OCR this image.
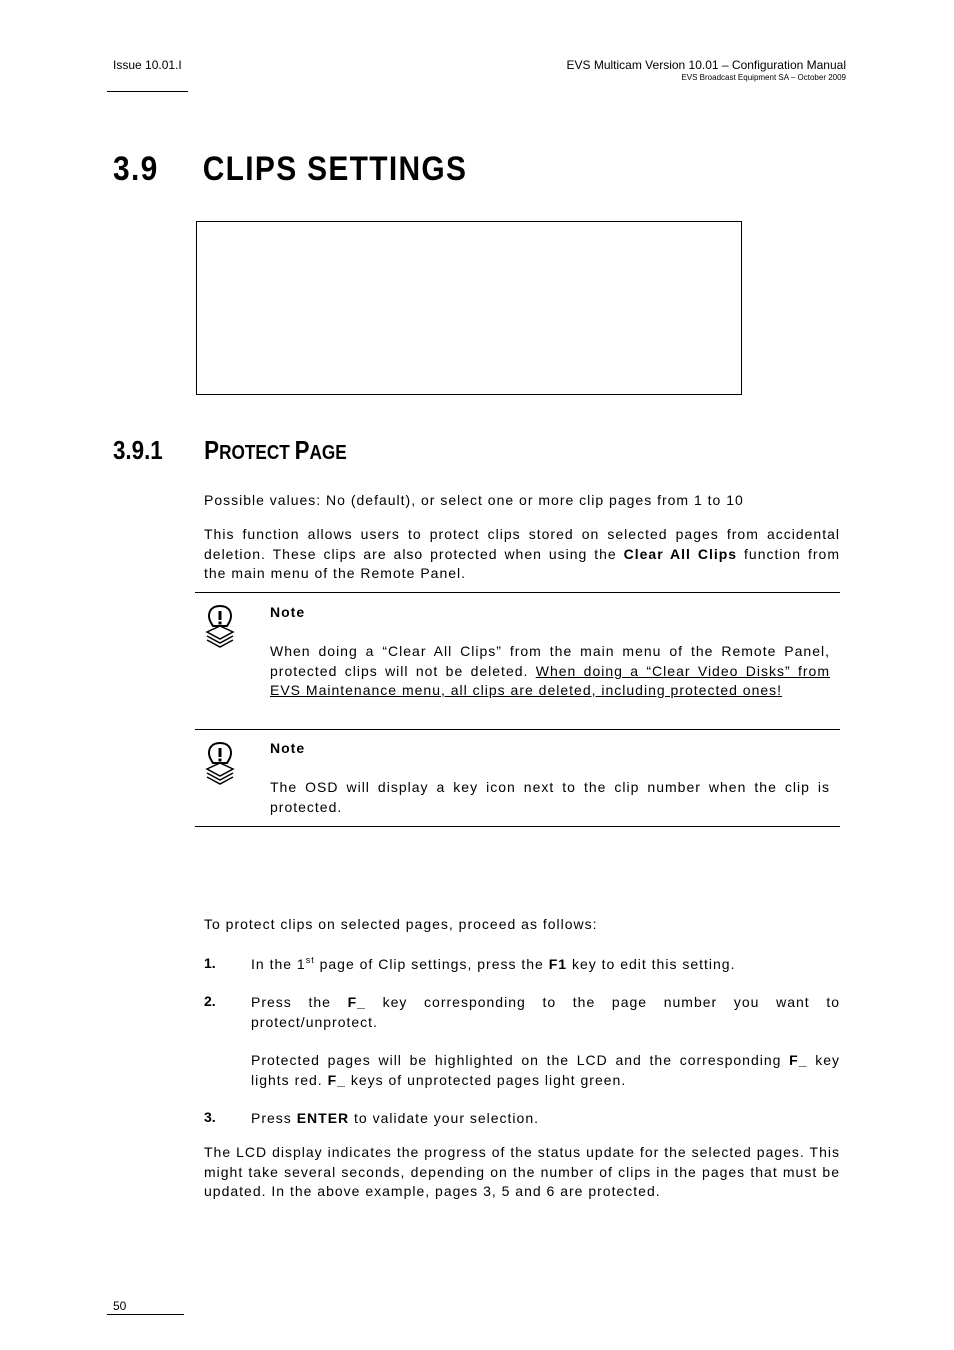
Issue 10.01.I	EVS Multicam Version 10.01 – Configuration Manual
EVS Broadcast Equipment SA – October 2009
3.9 CLIPS SETTINGS
3.9.1 PROTECT PAGE
Possible values: No (default), or select one or more clip pages from 1 to 10
This function allows users to protect clips stored on selected pages from accidental deletion. These clips are also protected when using the Clear All Clips function from the main menu of the Remote Panel.
Note
When doing a “Clear All Clips” from the main menu of the Remote Panel, protected clips will not be deleted. When doing a “Clear Video Disks” from EVS Maintenance menu, all clips are deleted, including protected ones!
Note
The OSD will display a key icon next to the clip number when the clip is protected.
To protect clips on selected pages, proceed as follows:
1.	In the 1st page of Clip settings, press the F1 key to edit this setting.
2.	Press the F_ key corresponding to the page number you want to protect/unprotect.
Protected pages will be highlighted on the LCD and the corresponding F_ key lights red. F_ keys of unprotected pages light green.
3.	Press ENTER to validate your selection.
The LCD display indicates the progress of the status update for the selected pages. This might take several seconds, depending on the number of clips in the pages that must be updated. In the above example, pages 3, 5 and 6 are protected.
50
